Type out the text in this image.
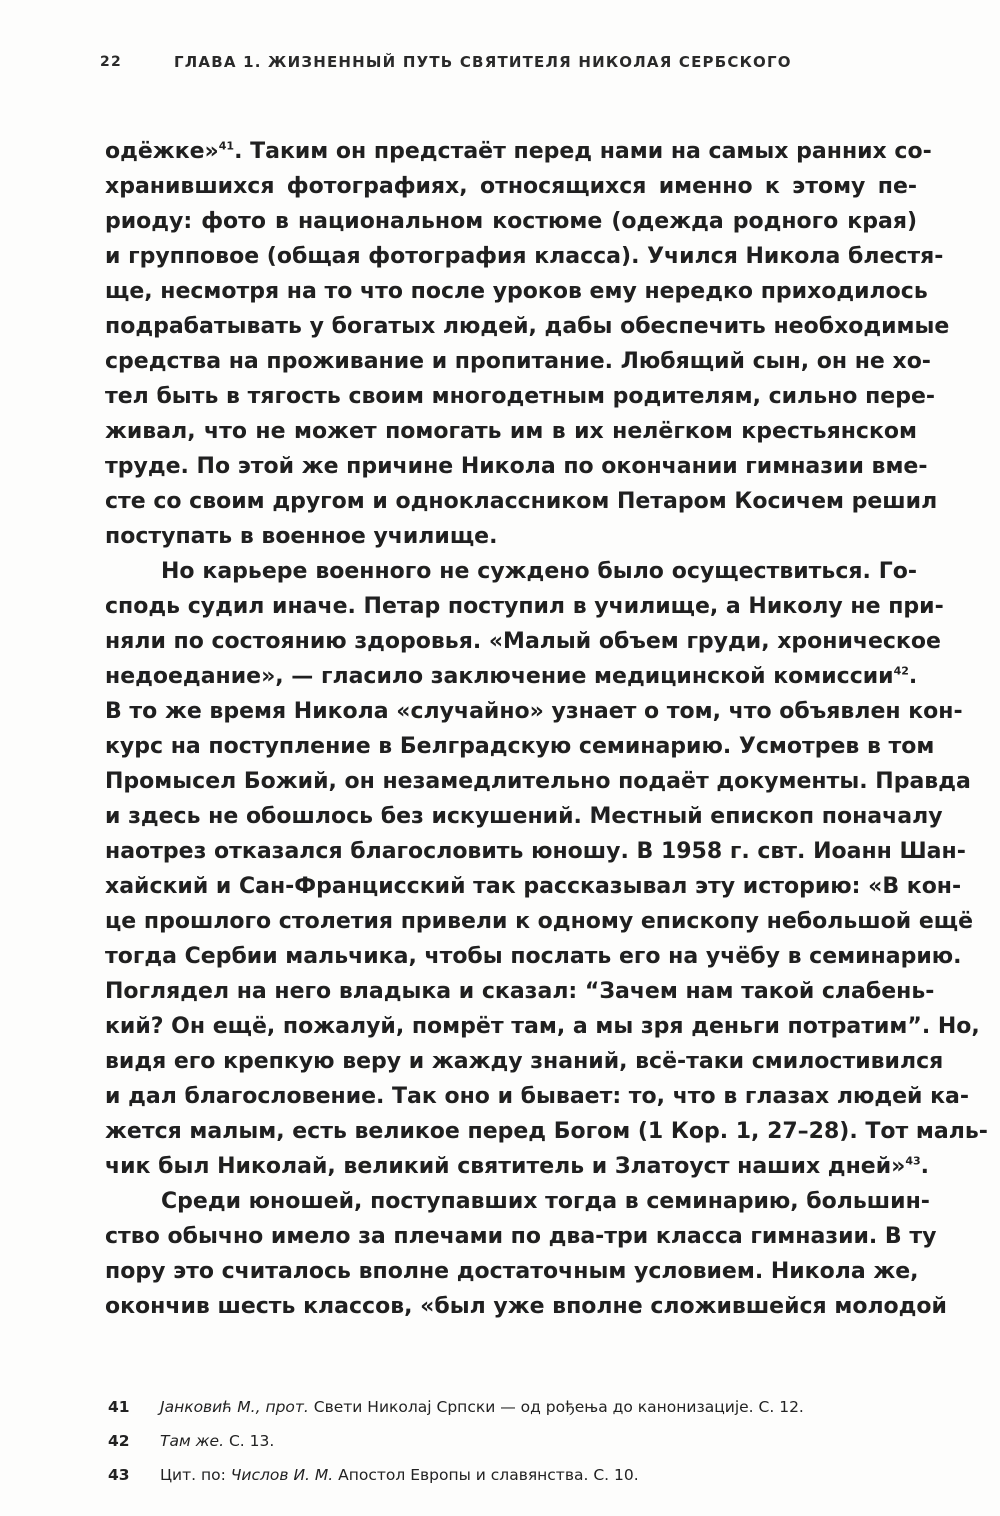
22	ГЛАВА 1. ЖИЗНЕННЫЙ ПУТЬ СВЯТИТЕЛЯ НИКОЛАЯ СЕРБСКОГО
одёжке»$^{41}$. Таким он предстаёт перед нами на самых ранних со-
хранившихся фотографиях, относящихся именно к этому пе-
риоду: фото в национальном костюме (одежда родного края)
и групповое (общая фотография класса). Учился Никола блестя-
ще, несмотря на то что после уроков ему нередко приходилось
подрабатывать у богатых людей, дабы обеспечить необходимые
средства на проживание и пропитание. Любящий сын, он не хо-
тел быть в тягость своим многодетным родителям, сильно пере-
живал, что не может помогать им в их нелёгком крестьянском
труде. По этой же причине Никола по окончании гимназии вме-
сте со своим другом и одноклассником Петаром Косичем решил
поступать в военное училище.
Но карьере военного не суждено было осуществиться. Го-
сподь судил иначе. Петар поступил в училище, а Николу не при-
няли по состоянию здоровья. «Малый объем груди, хроническое
недоедание», — гласило заключение медицинской комиссии$^{42}$.
В то же время Никола «случайно» узнает о том, что объявлен кон-
курс на поступление в Белградскую семинарию. Усмотрев в том
Промысел Божий, он незамедлительно подаёт документы. Правда
и здесь не обошлось без искушений. Местный епископ поначалу
наотрез отказался благословить юношу. В 1958 г. свт. Иоанн Шан-
хайский и Сан-Францисский так рассказывал эту историю: «В кон-
це прошлого столетия привели к одному епископу небольшой ещё
тогда Сербии мальчика, чтобы послать его на учёбу в семинарию.
Поглядел на него владыка и сказал: “Зачем нам такой слабень-
кий? Он ещё, пожалуй, помрёт там, а мы зря деньги потратим”. Но,
видя его крепкую веру и жажду знаний, всё-таки смилостивился
и дал благословение. Так оно и бывает: то, что в глазах людей ка-
жется малым, есть великое перед Богом (1 Кор. 1, 27–28). Тот маль-
чик был Николай, великий святитель и Златоуст наших дней»$^{43}$.
Среди юношей, поступавших тогда в семинарию, большин-
ство обычно имело за плечами по два-три класса гимназии. В ту
пору это считалось вполне достаточным условием. Никола же,
окончив шесть классов, «был уже вполне сложившейся молодой
41	Јанковић М., прот. Свети Николај Српски — од рођења до канонизације. С. 12.
42	Там же. С. 13.
43	Цит. по: Числов И. М. Апостол Европы и славянства. С. 10.
